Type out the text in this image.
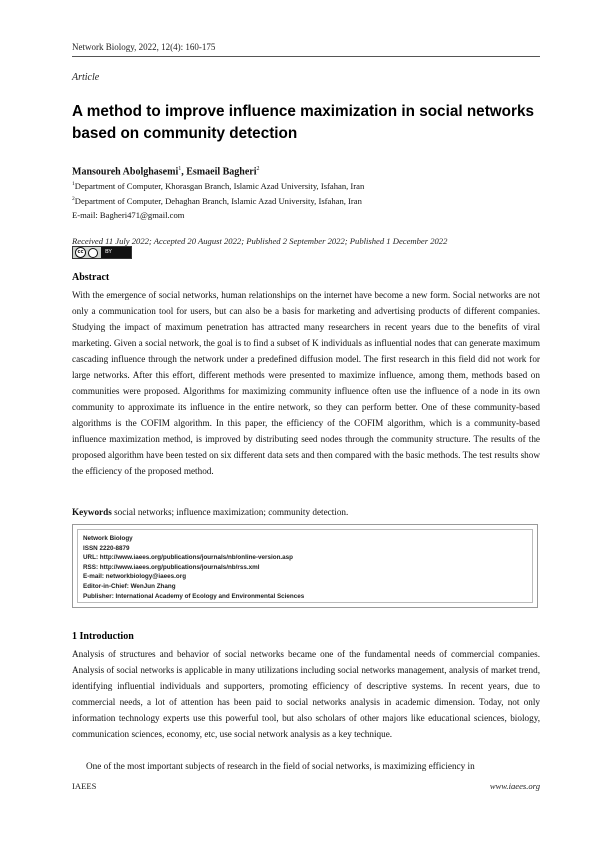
Network Biology, 2022, 12(4): 160-175
Article
A method to improve influence maximization in social networks based on community detection
Mansoureh Abolghasemi$^1$, Esmaeil Bagheri$^2$
$^1$Department of Computer, Khorasgan Branch, Islamic Azad University, Isfahan, Iran
$^2$Department of Computer, Dehaghan Branch, Islamic Azad University, Isfahan, Iran
E-mail: Bagheri471@gmail.com
Received 11 July 2022; Accepted 20 August 2022; Published 2 September 2022; Published 1 December 2022
cc	BY
Abstract

With the emergence of social networks, human relationships on the internet have become a new form. Social networks are not only a communication tool for users, but can also be a basis for marketing and advertising products of different companies. Studying the impact of maximum penetration has attracted many researchers in recent years due to the benefits of viral marketing. Given a social network, the goal is to find a subset of K individuals as influential nodes that can generate maximum cascading influence through the network under a predefined diffusion model. The first research in this field did not work for large networks. After this effort, different methods were presented to maximize influence, among them, methods based on communities were proposed. Algorithms for maximizing community influence often use the influence of a node in its own community to approximate its influence in the entire network, so they can perform better. One of these community-based algorithms is the COFIM algorithm. In this paper, the efficiency of the COFIM algorithm, which is a community-based influence maximization method, is improved by distributing seed nodes through the community structure. The results of the proposed algorithm have been tested on six different data sets and then compared with the basic methods. The test results show the efficiency of the proposed method.

Keywords social networks; influence maximization; community detection.
Network Biology
ISSN 2220-8879
URL: http://www.iaees.org/publications/journals/nb/online-version.asp
RSS: http://www.iaees.org/publications/journals/nb/rss.xml
E-mail: networkbiology@iaees.org
Editor-in-Chief: WenJun Zhang
Publisher: International Academy of Ecology and Environmental Sciences
1 Introduction

Analysis of structures and behavior of social networks became one of the fundamental needs of commercial companies. Analysis of social networks is applicable in many utilizations including social networks management, analysis of market trend, identifying influential individuals and supporters, promoting efficiency of descriptive systems. In recent years, due to commercial needs, a lot of attention has been paid to social networks analysis in academic dimension. Today, not only information technology experts use this powerful tool, but also scholars of other majors like educational sciences, biology, communication sciences, economy, etc, use social network analysis as a key technique.

One of the most important subjects of research in the field of social networks, is maximizing efficiency in

IAEES	www.iaees.org
